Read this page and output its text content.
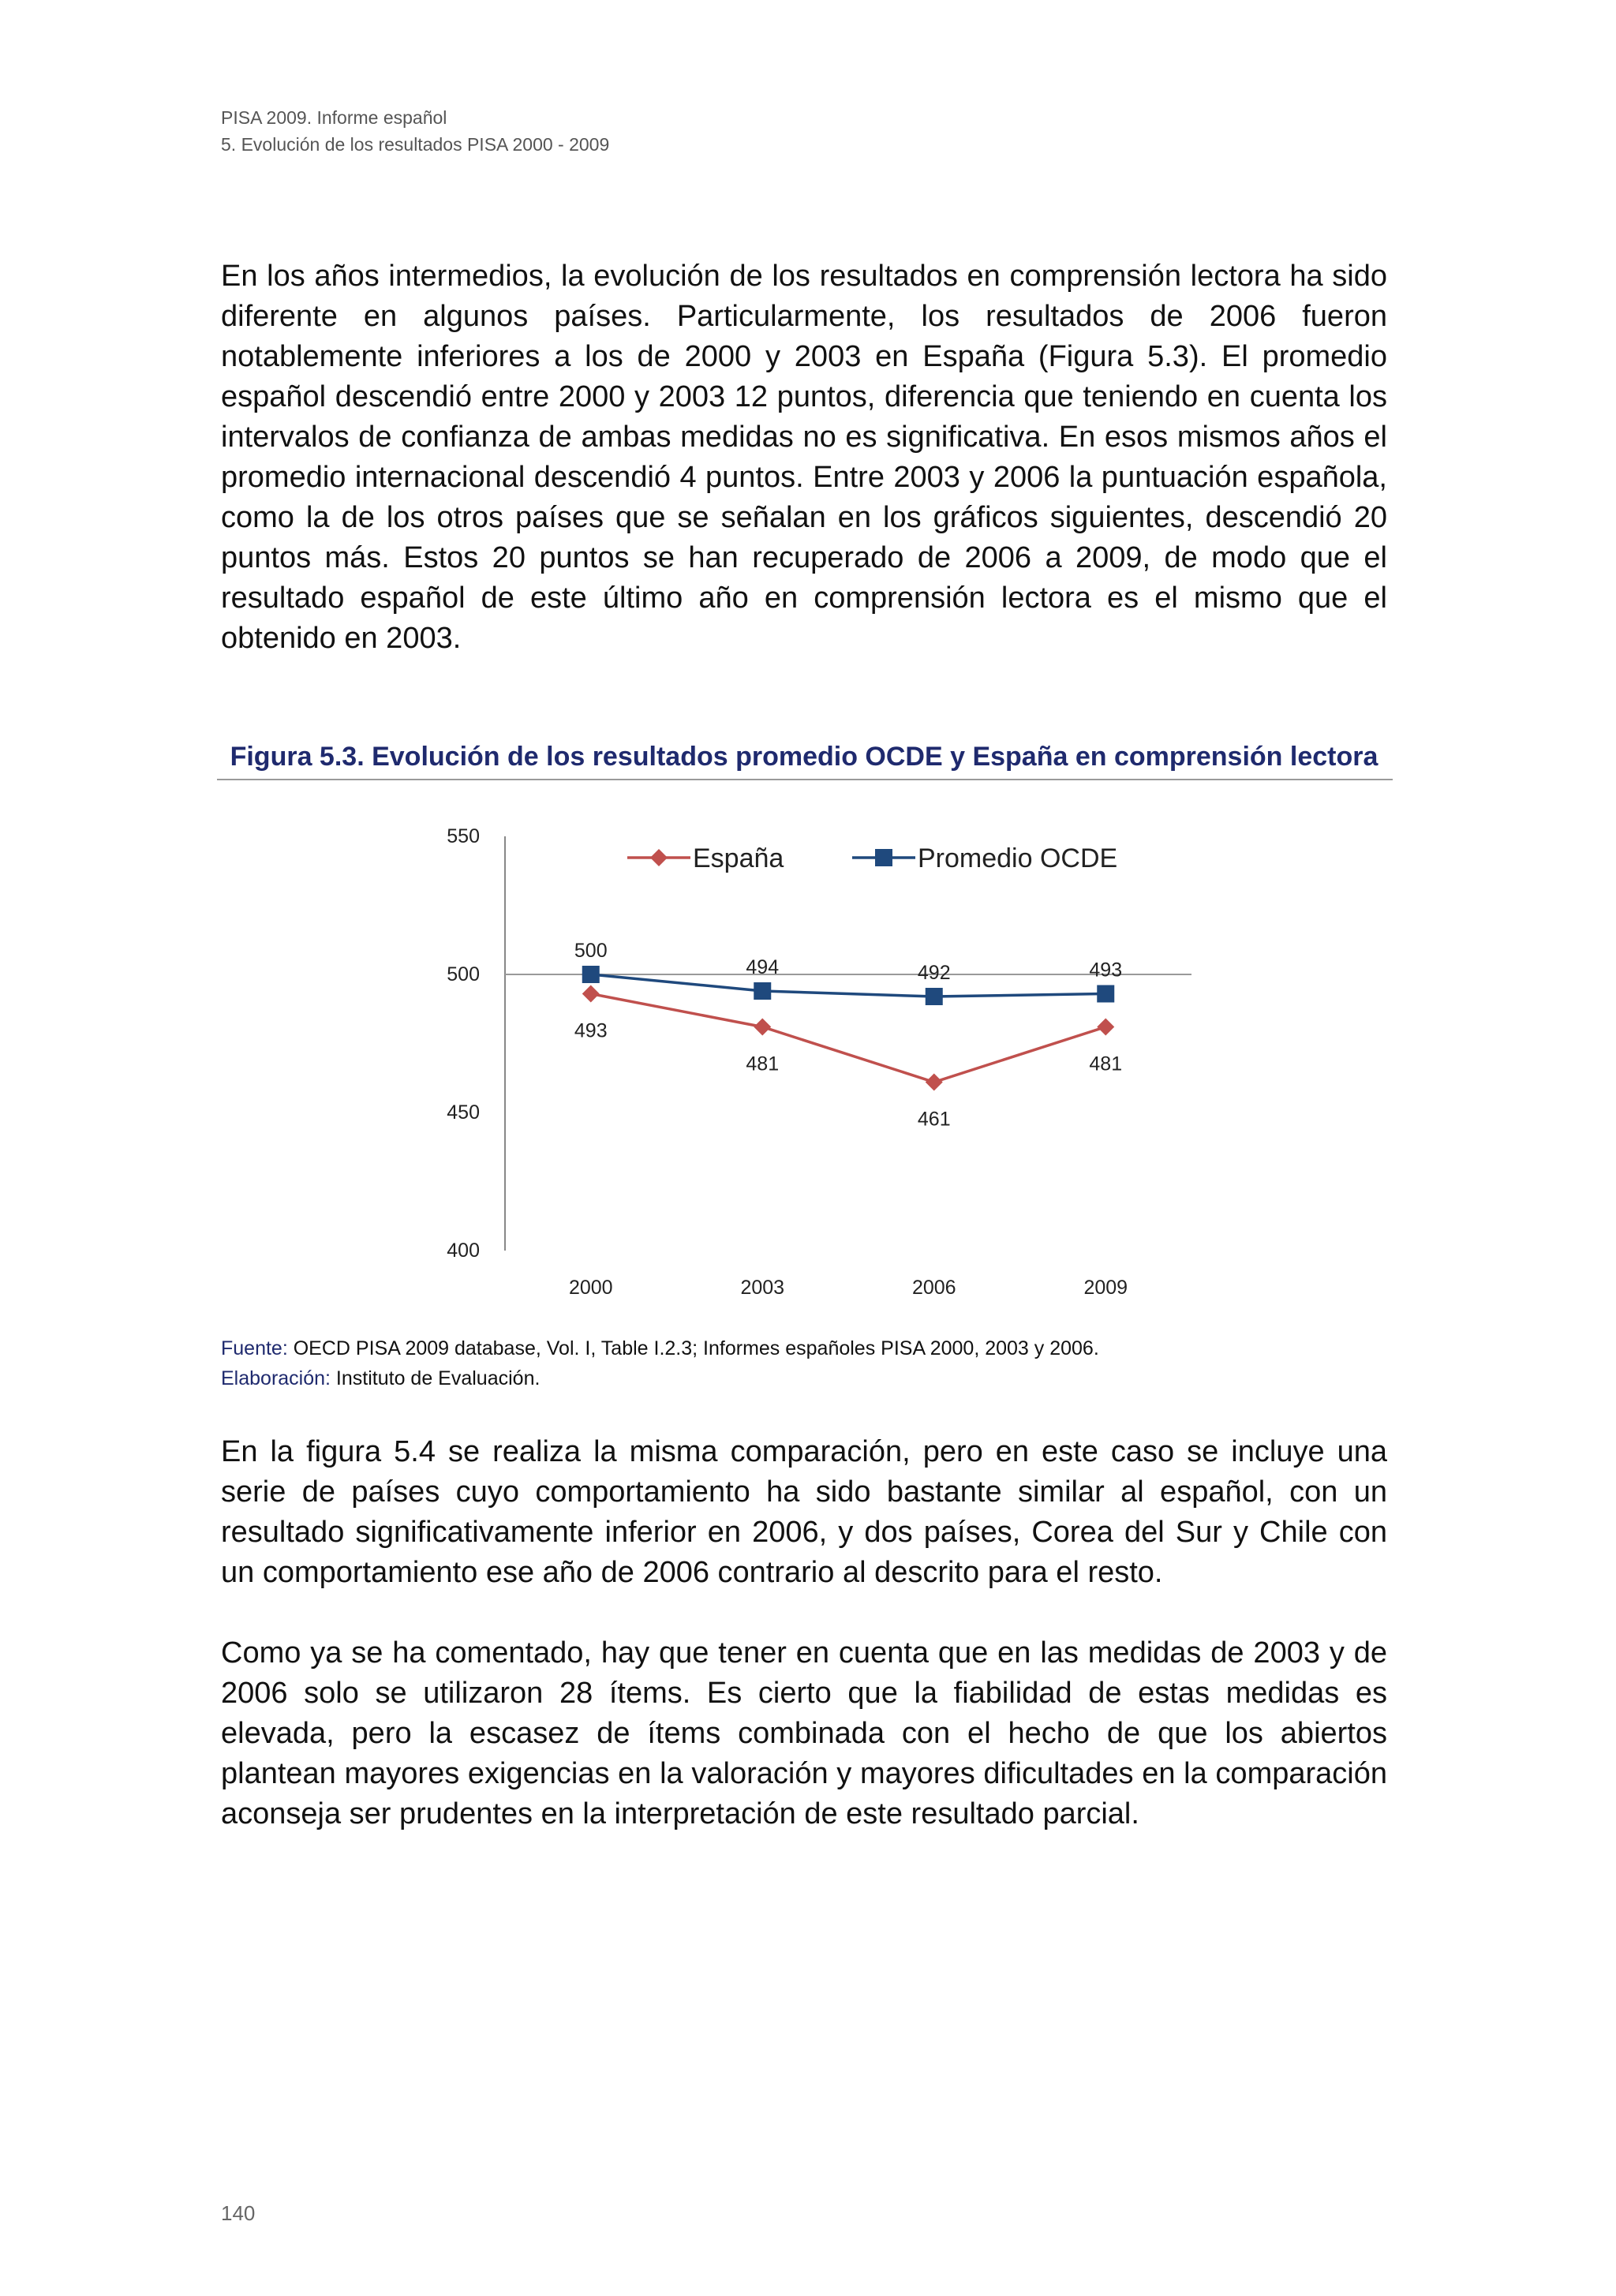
PISA 2009. Informe español
5. Evolución de los resultados PISA 2000 - 2009

En los años intermedios, la evolución de los resultados en comprensión lectora ha sido diferente en algunos países. Particularmente, los resultados de 2006 fueron notablemente inferiores a los de 2000 y 2003 en España (Figura 5.3). El promedio español descendió entre 2000 y 2003 12 puntos, diferencia que teniendo en cuenta los intervalos de confianza de ambas medidas no es significativa. En esos mismos años el promedio internacional descendió 4 puntos. Entre 2003 y 2006 la puntuación española, como la de los otros países que se señalan en los gráficos siguientes, descendió 20 puntos más. Estos 20 puntos se han recuperado de 2006 a 2009, de modo que el resultado español de este último año en comprensión lectora es el mismo que el obtenido en 2003.

Figura 5.3. Evolución de los resultados promedio OCDE y España en comprensión lectora
400
450
500
550
2000	2003	2006	2009
493
481
461
481
500
494	492	493
España	Promedio OCDE
Fuente: OECD PISA 2009 database, Vol. I, Table I.2.3; Informes españoles PISA 2000, 2003 y 2006.
Elaboración: Instituto de Evaluación.

En la figura 5.4 se realiza la misma comparación, pero en este caso se incluye una serie de países cuyo comportamiento ha sido bastante similar al español, con un resultado significativamente inferior en 2006, y dos países, Corea del Sur y Chile con un comportamiento ese año de 2006 contrario al descrito para el resto.

Como ya se ha comentado, hay que tener en cuenta que en las medidas de 2003 y de 2006 solo se utilizaron 28 ítems. Es cierto que la fiabilidad de estas medidas es elevada, pero la escasez de ítems combinada con el hecho de que los abiertos plantean mayores exigencias en la valoración y mayores dificultades en la comparación aconseja ser prudentes en la interpretación de este resultado parcial.

140
